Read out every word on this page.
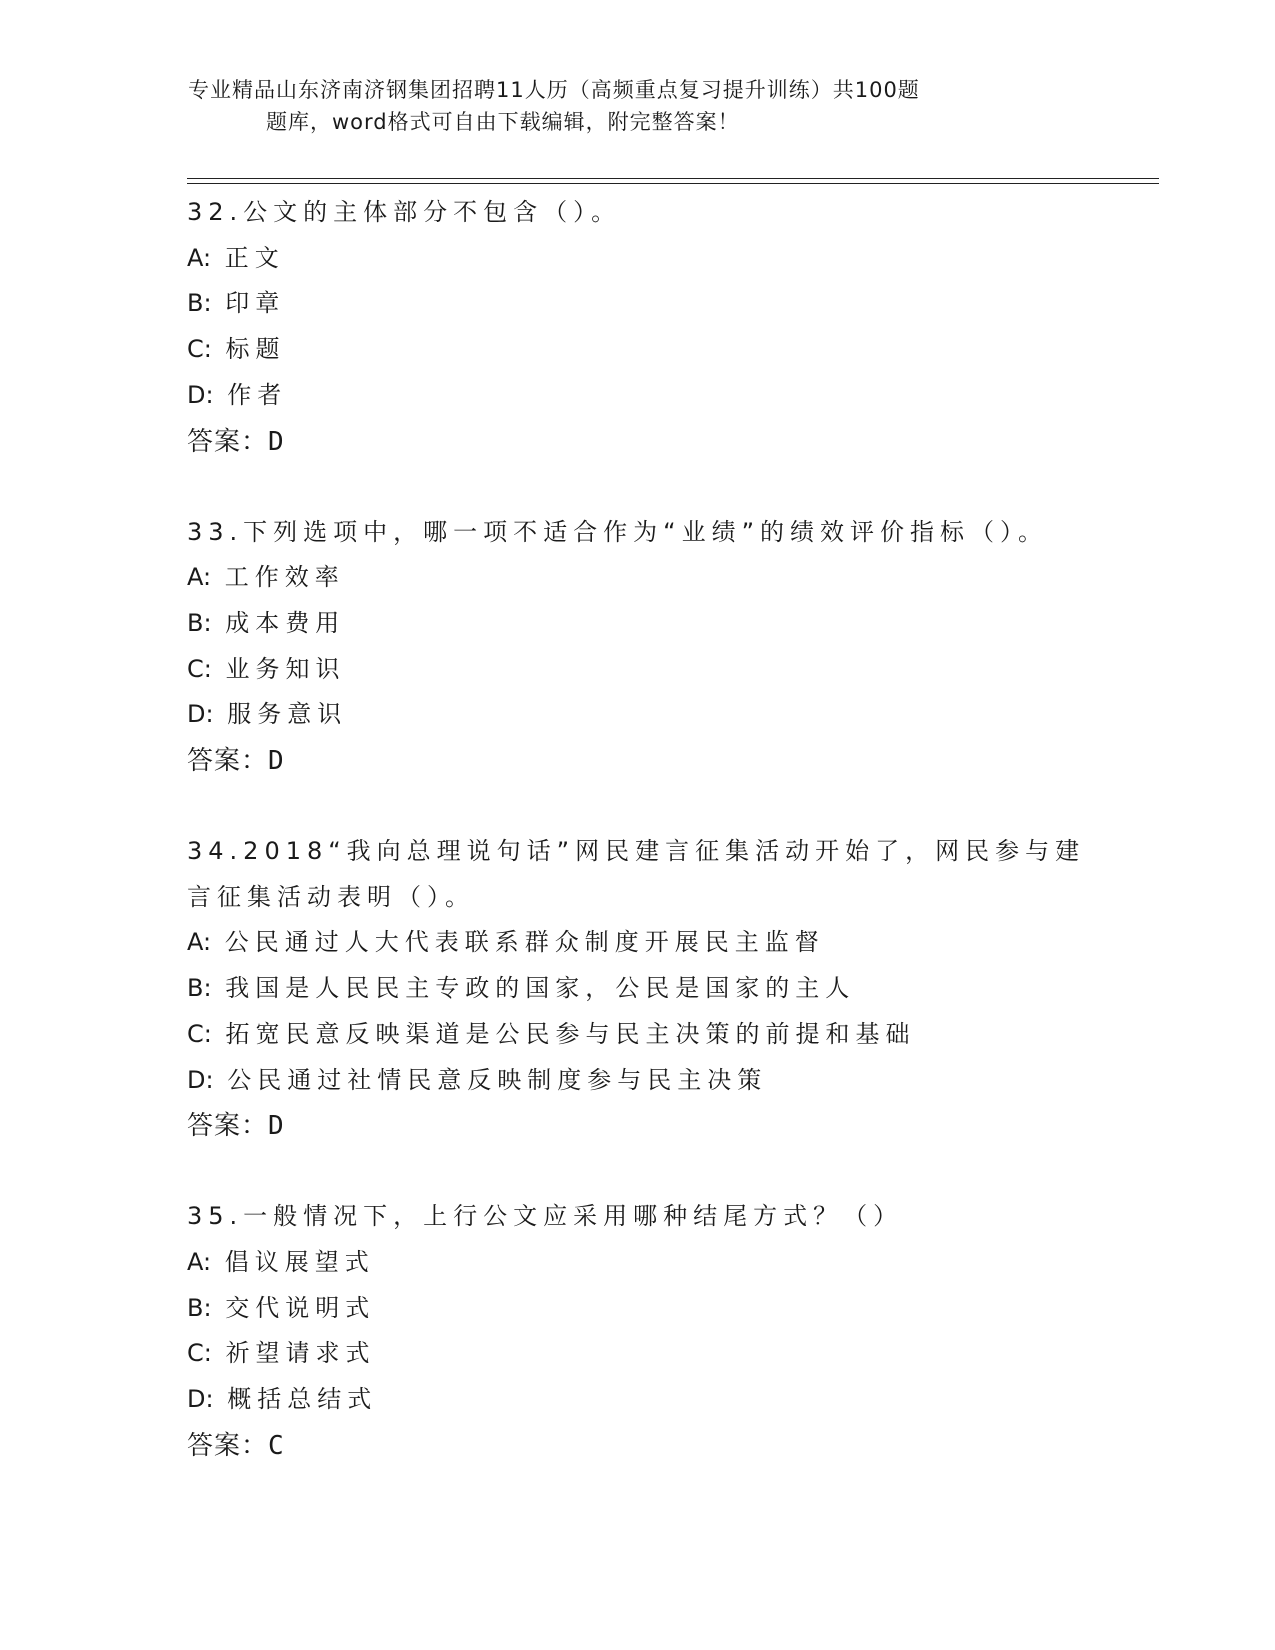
专业精品山东济南济钢集团招聘11人历（高频重点复习提升训练）共100题
题库，word格式可自由下载编辑，附完整答案！
32.公文的主体部分不包含（）。
A: 正文
B: 印章
C: 标题
D: 作者
答案：D
33.下列选项中，哪一项不适合作为“业绩”的绩效评价指标（）。
A: 工作效率
B: 成本费用
C: 业务知识
D: 服务意识
答案：D
34.2018“我向总理说句话”网民建言征集活动开始了，网民参与建言征集活动表明（）。
A: 公民通过人大代表联系群众制度开展民主监督
B: 我国是人民民主专政的国家，公民是国家的主人
C: 拓宽民意反映渠道是公民参与民主决策的前提和基础
D: 公民通过社情民意反映制度参与民主决策
答案：D
35.一般情况下，上行公文应采用哪种结尾方式？（）
A: 倡议展望式
B: 交代说明式
C: 祈望请求式
D: 概括总结式
答案：C
